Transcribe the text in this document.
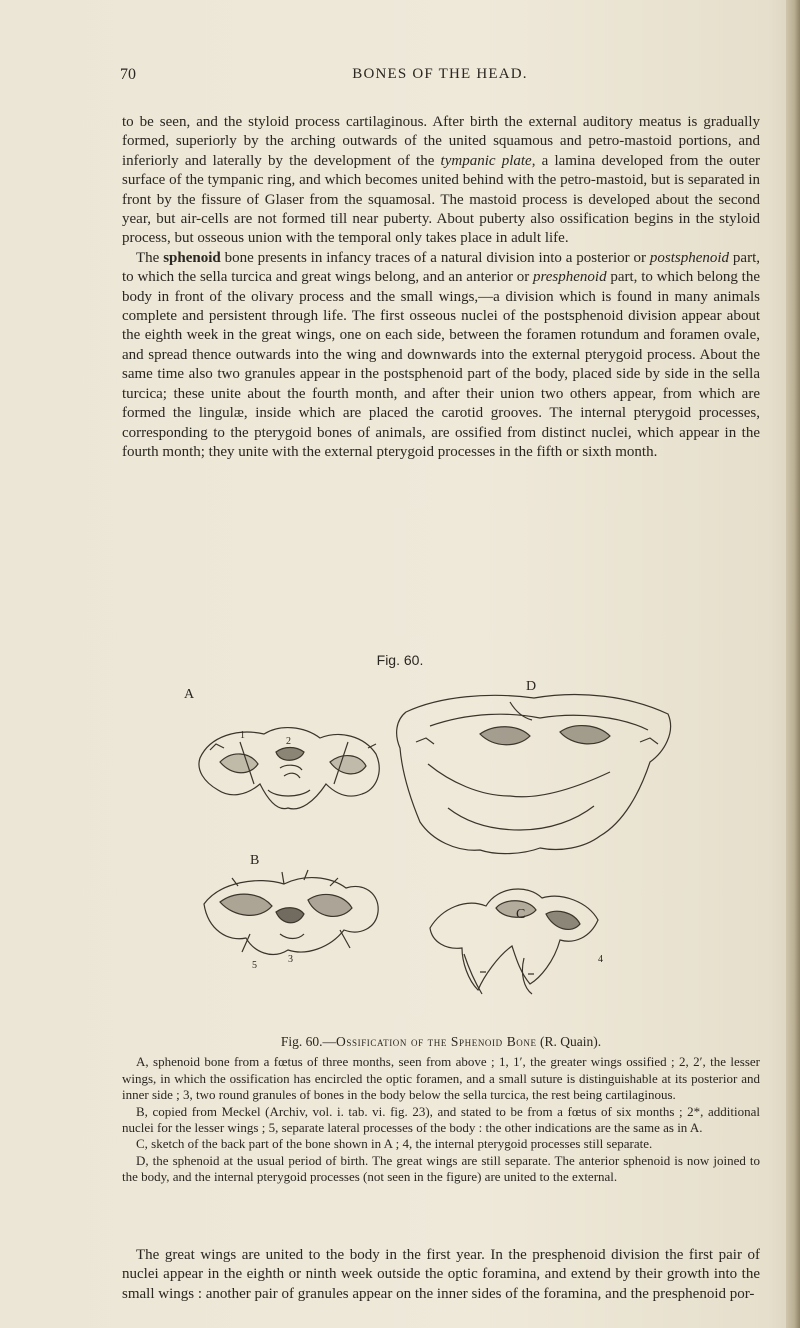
70	BONES OF THE HEAD.

to be seen, and the styloid process cartilaginous. After birth the external auditory meatus is gradually formed, superiorly by the arching outwards of the united squamous and petro-mastoid portions, and inferiorly and laterally by the development of the tympanic plate, a lamina developed from the outer surface of the tympanic ring, and which becomes united behind with the petro-mastoid, but is separated in front by the fissure of Glaser from the squamosal. The mastoid process is developed about the second year, but air-cells are not formed till near puberty. About puberty also ossification begins in the styloid process, but osseous union with the temporal only takes place in adult life.

The sphenoid bone presents in infancy traces of a natural division into a posterior or postsphenoid part, to which the sella turcica and great wings belong, and an anterior or presphenoid part, to which belong the body in front of the olivary process and the small wings,—a division which is found in many animals complete and persistent through life. The first osseous nuclei of the postsphenoid division appear about the eighth week in the great wings, one on each side, between the foramen rotundum and foramen ovale, and spread thence outwards into the wing and downwards into the external pterygoid process. About the same time also two granules appear in the postsphenoid part of the body, placed side by side in the sella turcica; these unite about the fourth month, and after their union two others appear, from which are formed the lingulæ, inside which are placed the carotid grooves. The internal pterygoid processes, corresponding to the pterygoid bones of animals, are ossified from distinct nuclei, which appear in the fourth month; they unite with the external pterygoid processes in the fifth or sixth month.

Fig. 60.
A
B
C
D
1
2
3	4
5
Fig. 60.—Ossification of the Sphenoid Bone (R. Quain).

A, sphenoid bone from a fœtus of three months, seen from above ; 1, 1′, the greater wings ossified ; 2, 2′, the lesser wings, in which the ossification has encircled the optic foramen, and a small suture is distinguishable at its posterior and inner side ; 3, two round granules of bones in the body below the sella turcica, the rest being cartilaginous.

B, copied from Meckel (Archiv, vol. i. tab. vi. fig. 23), and stated to be from a fœtus of six months ; 2*, additional nuclei for the lesser wings ; 5, separate lateral processes of the body : the other indications are the same as in A.

C, sketch of the back part of the bone shown in A ; 4, the internal pterygoid processes still separate.

D, the sphenoid at the usual period of birth. The great wings are still separate. The anterior sphenoid is now joined to the body, and the internal pterygoid processes (not seen in the figure) are united to the external.

The great wings are united to the body in the first year. In the presphenoid division the first pair of nuclei appear in the eighth or ninth week outside the optic foramina, and extend by their growth into the small wings : another pair of granules appear on the inner sides of the foramina, and the presphenoid por-
